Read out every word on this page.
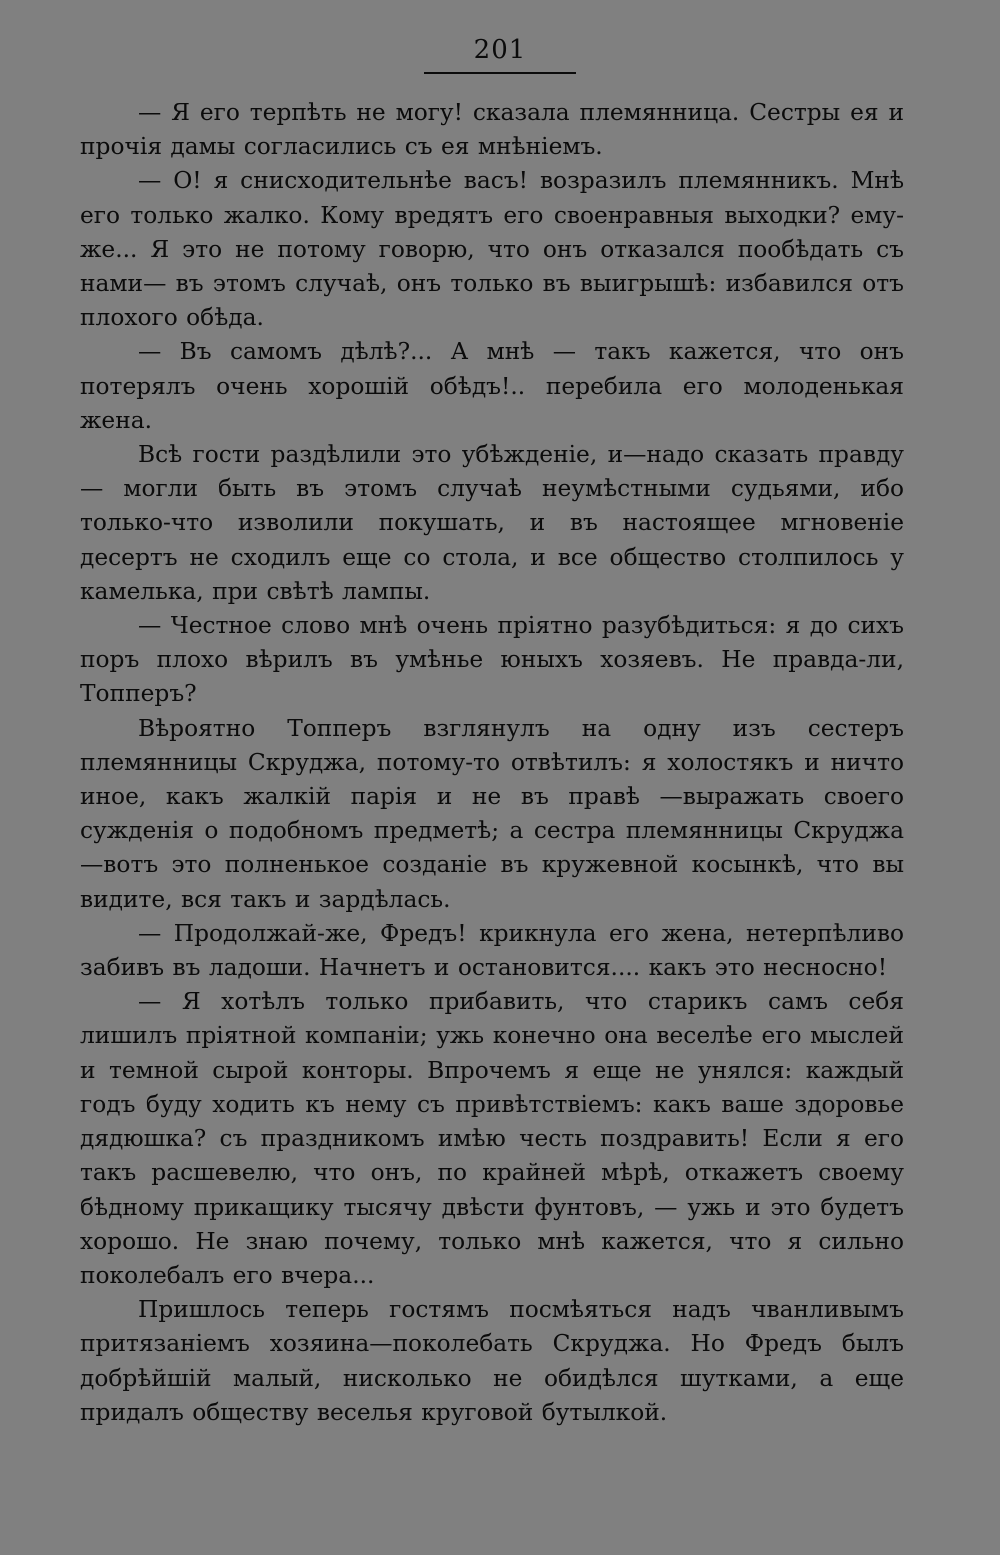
201

— Я его терпѣть не могу! сказала племянница. Сестры ея и прочія дамы согласились съ ея мнѣніемъ.

— О! я снисходительнѣе васъ! возразилъ племянникъ. Мнѣ его только жалко. Кому вредятъ его своенравныя выходки? ему-же... Я это не потому говорю, что онъ отказался пообѣдать съ нами— въ этомъ случаѣ, онъ только въ выигрышѣ: избавился отъ плохого обѣда.

— Въ самомъ дѣлѣ?... А мнѣ — такъ кажется, что онъ потерялъ очень хорошій обѣдъ!.. перебила его молоденькая жена.

Всѣ гости раздѣлили это убѣжденіе, и—надо сказать правду— могли быть въ этомъ случаѣ неумѣстными судьями, ибо только-что изволили покушать, и въ настоящее мгновеніе десертъ не сходилъ еще со стола, и все общество столпилось у камелька, при свѣтѣ лампы.

— Честное слово мнѣ очень пріятно разубѣдиться: я до сихъ поръ плохо вѣрилъ въ умѣнье юныхъ хозяевъ. Не правда-ли, Топперъ?

Вѣроятно Топперъ взглянулъ на одну изъ сестеръ племянницы Скруджа, потому-то отвѣтилъ: я холостякъ и ничто иное, какъ жалкій парія и не въ правѣ —выражать своего сужденія о подобномъ предметѣ; а сестра племянницы Скруджа—вотъ это полненькое созданіе въ кружевной косынкѣ, что вы видите, вся такъ и зардѣлась.

— Продолжай-же, Фредъ! крикнула его жена, нетерпѣливо забивъ въ ладоши. Начнетъ и остановится.... какъ это несносно!

— Я хотѣлъ только прибавить, что старикъ самъ себя лишилъ пріятной компаніи; ужь конечно она веселѣе его мыслей и темной сырой конторы. Впрочемъ я еще не унялся: каждый годъ буду ходить къ нему съ привѣтствіемъ: какъ ваше здоровье дядюшка? съ праздникомъ имѣю честь поздравить! Если я его такъ расшевелю, что онъ, по крайней мѣрѣ, откажетъ своему бѣдному прикащику тысячу двѣсти фунтовъ, — ужь и это будетъ хорошо. Не знаю почему, только мнѣ кажется, что я сильно поколебалъ его вчера...

Пришлось теперь гостямъ посмѣяться надъ чванливымъ притязаніемъ хозяина—поколебать Скруджа. Но Фредъ былъ добрѣйшій малый, нисколько не обидѣлся шутками, а еще придалъ обществу веселья круговой бутылкой.
